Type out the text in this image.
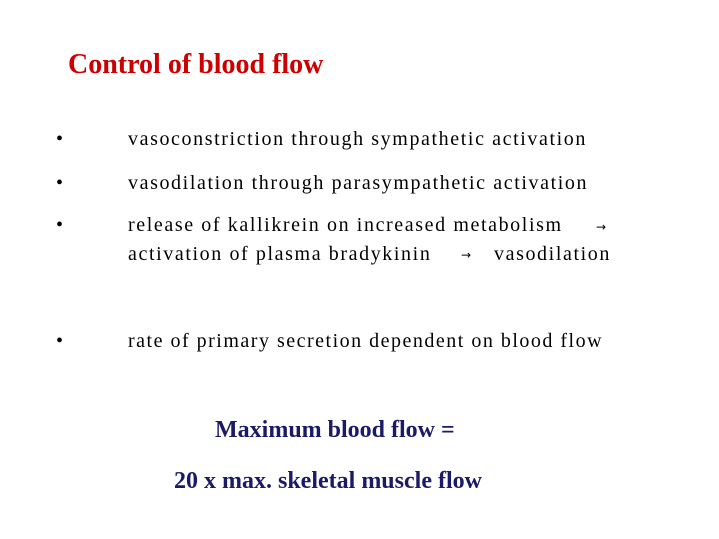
Control of blood flow
•	vasoconstriction through sympathetic activation
•	vasodilation through parasympathetic activation
•	release of kallikrein on increased metabolism	→
activation of plasma bradykinin → vasodilation
•	rate of primary secretion dependent on blood flow
Maximum blood flow =
20 x max. skeletal muscle flow
